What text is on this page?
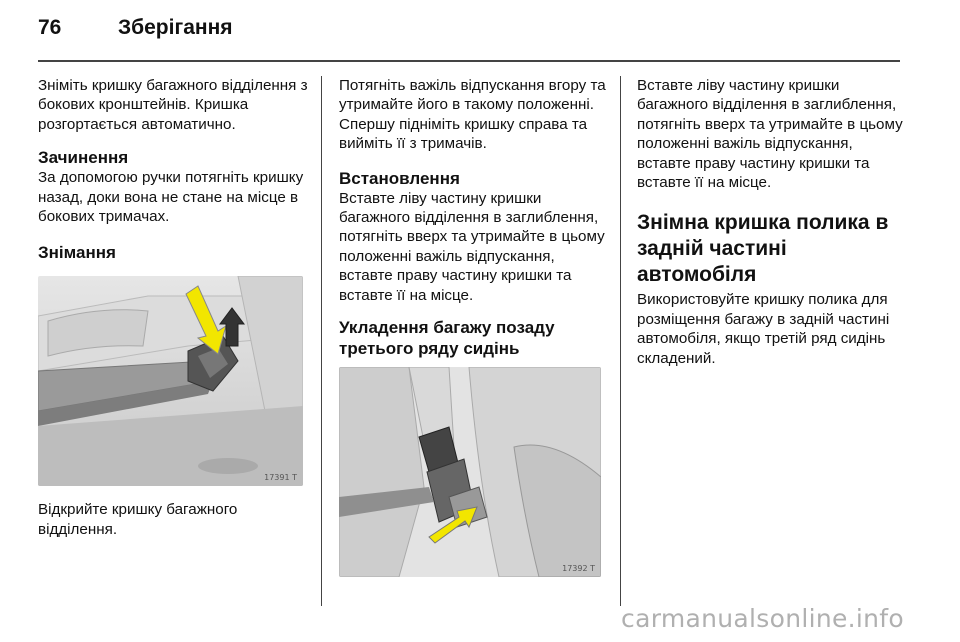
76	Зберігання

Зніміть кришку багажного відділення з бокових кронштейнів. Кришка розгортається автоматично.

Зачинення

За допомогою ручки потягніть кришку назад, доки вона не стане на місце в бокових тримачах.

Знімання
17391 T

Відкрийте кришку багажного відділення.

Потягніть важіль відпускання вгору та утримайте його в такому положенні. Спершу підніміть кришку справа та вийміть її з тримачів.

Встановлення

Вставте ліву частину кришки багажного відділення в заглиблення, потягніть вверх та утримайте в цьому положенні важіль відпускання, вставте праву частину кришки та вставте її на місце.

Укладення багажу позаду третього ряду сидінь
17392 T

Вставте ліву частину кришки багажного відділення в заглиблення, потягніть вверх та утримайте в цьому положенні важіль відпускання, вставте праву частину кришки та вставте її на місце.

Знімна кришка полика в задній частині автомобіля

Використовуйте кришку полика для розміщення багажу в задній частині автомобіля, якщо третій ряд сидінь складений.

carmanualsonline.info
